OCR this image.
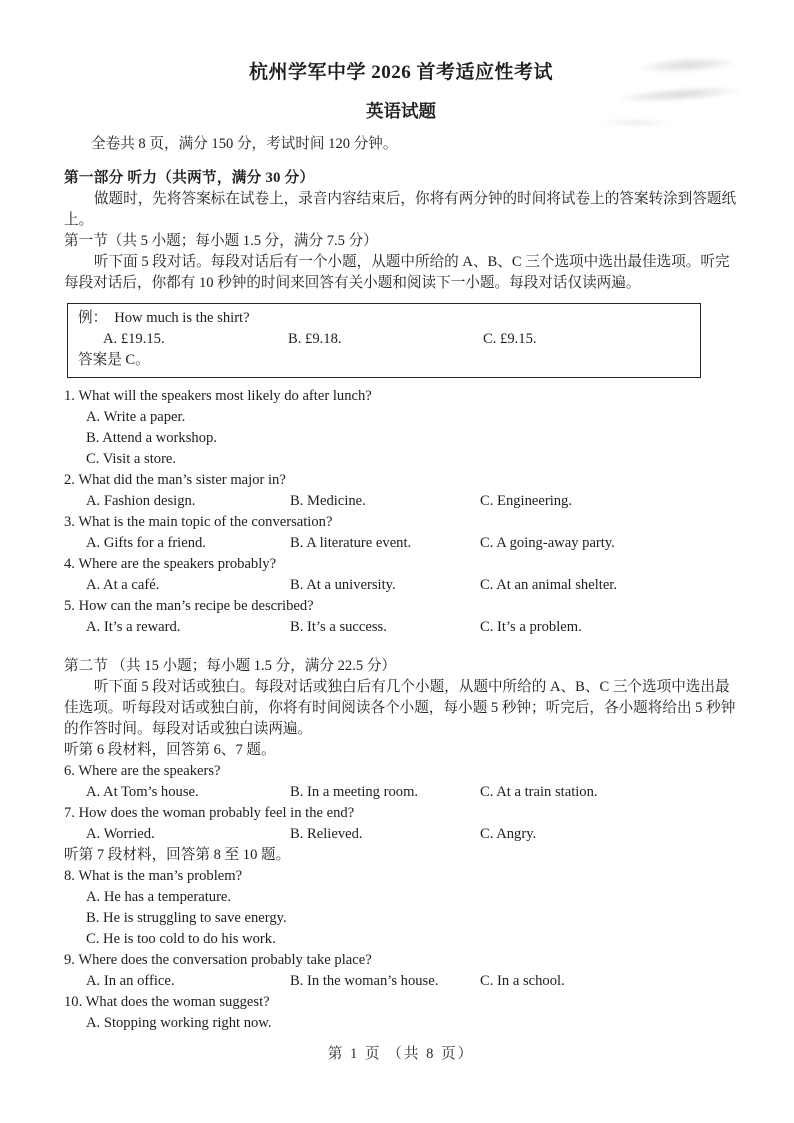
杭州学军中学 2026 首考适应性考试
英语试题
全卷共 8 页，满分 150 分，考试时间 120 分钟。
第一部分 听力（共两节，满分 30 分）
做题时，先将答案标在试卷上，录音内容结束后，你将有两分钟的时间将试卷上的答案转涂到答题纸
上。
第一节（共 5 小题；每小题 1.5 分，满分 7.5 分）
听下面 5 段对话。每段对话后有一个小题，从题中所给的 A、B、C 三个选项中选出最佳选项。听完
每段对话后，你都有 10 秒钟的时间来回答有关小题和阅读下一小题。每段对话仅读两遍。
例： How much is the shirt?
A. £19.15.	B. £9.18.	C. £9.15.
答案是 C。
1. What will the speakers most likely do after lunch?
A. Write a paper.
B. Attend a workshop.
C. Visit a store.
2. What did the man’s sister major in?
A. Fashion design.	B. Medicine.	C. Engineering.
3. What is the main topic of the conversation?
A. Gifts for a friend.	B. A literature event.	C. A going-away party.
4. Where are the speakers probably?
A. At a café.	B. At a university.	C. At an animal shelter.
5. How can the man’s recipe be described?
A. It’s a reward.	B. It’s a success.	C. It’s a problem.
第二节 （共 15 小题；每小题 1.5 分，满分 22.5 分）
听下面 5 段对话或独白。每段对话或独白后有几个小题，从题中所给的 A、B、C 三个选项中选出最
佳选项。听每段对话或独白前，你将有时间阅读各个小题，每小题 5 秒钟；听完后，各小题将给出 5 秒钟
的作答时间。每段对话或独白读两遍。
听第 6 段材料，回答第 6、7 题。
6. Where are the speakers?
A. At Tom’s house.	B. In a meeting room.	C. At a train station.
7. How does the woman probably feel in the end?
A. Worried.	B. Relieved.	C. Angry.
听第 7 段材料，回答第 8 至 10 题。
8. What is the man’s problem?
A. He has a temperature.
B. He is struggling to save energy.
C. He is too cold to do his work.
9. Where does the conversation probably take place?
A. In an office.	B. In the woman’s house.	C. In a school.
10. What does the woman suggest?
A. Stopping working right now.
第 1 页 （共 8 页）
